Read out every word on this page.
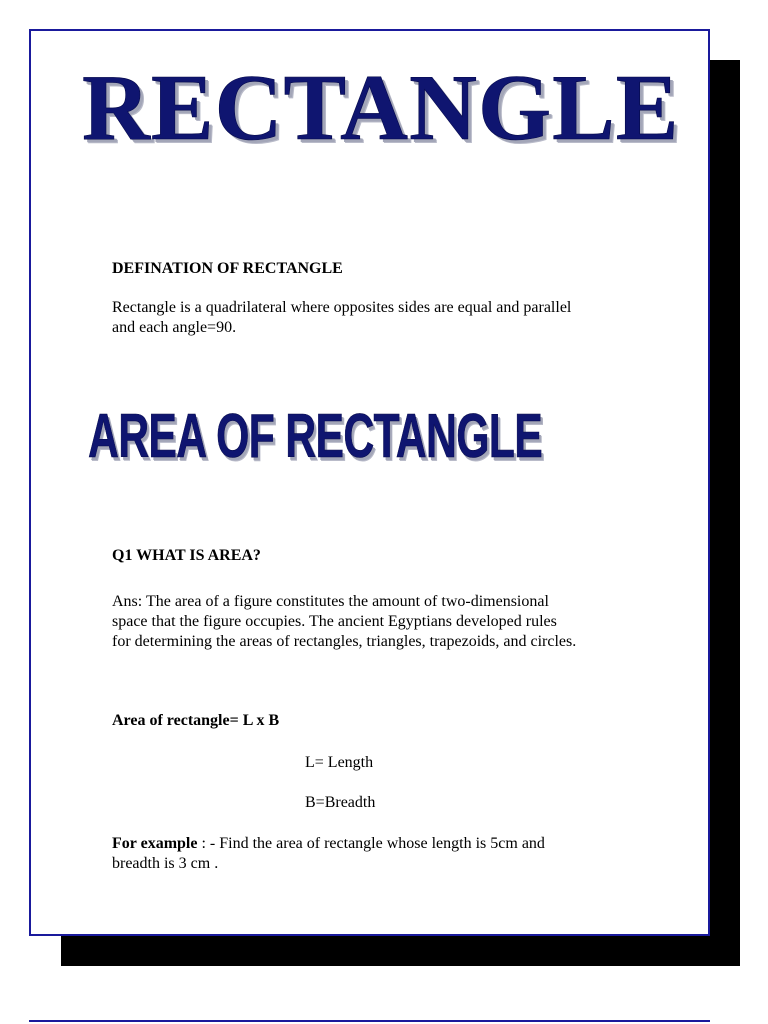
RECTANGLE

DEFINATION OF RECTANGLE

Rectangle is a quadrilateral where opposites sides are equal and parallel

and each angle=90.

AREA OF RECTANGLE

Q1 WHAT IS AREA?

Ans: The area of a figure constitutes the amount of two-dimensional

space that the figure occupies. The ancient Egyptians developed rules

for determining the areas of rectangles, triangles, trapezoids, and circles.

Area of rectangle= L x B

L= Length

B=Breadth

For example : - Find the area of rectangle whose length is 5cm and

breadth is 3 cm .
